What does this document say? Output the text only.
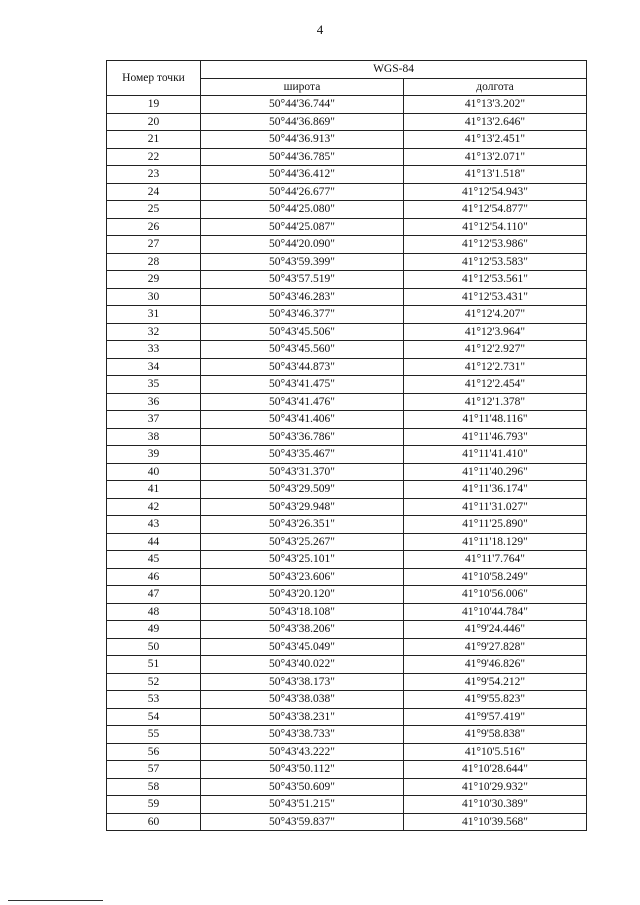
4
Номер точки	WGS-84	
	широта	долгота
19	50°44'36.744"	41°13'3.202"
20	50°44'36.869"	41°13'2.646"
21	50°44'36.913"	41°13'2.451"
22	50°44'36.785"	41°13'2.071"
23	50°44'36.412"	41°13'1.518"
24	50°44'26.677"	41°12'54.943"
25	50°44'25.080"	41°12'54.877"
26	50°44'25.087"	41°12'54.110"
27	50°44'20.090"	41°12'53.986"
28	50°43'59.399"	41°12'53.583"
29	50°43'57.519"	41°12'53.561"
30	50°43'46.283"	41°12'53.431"
31	50°43'46.377"	41°12'4.207"
32	50°43'45.506"	41°12'3.964"
33	50°43'45.560"	41°12'2.927"
34	50°43'44.873"	41°12'2.731"
35	50°43'41.475"	41°12'2.454"
36	50°43'41.476"	41°12'1.378"
37	50°43'41.406"	41°11'48.116"
38	50°43'36.786"	41°11'46.793"
39	50°43'35.467"	41°11'41.410"
40	50°43'31.370"	41°11'40.296"
41	50°43'29.509"	41°11'36.174"
42	50°43'29.948"	41°11'31.027"
43	50°43'26.351"	41°11'25.890"
44	50°43'25.267"	41°11'18.129"
45	50°43'25.101"	41°11'7.764"
46	50°43'23.606"	41°10'58.249"
47	50°43'20.120"	41°10'56.006"
48	50°43'18.108"	41°10'44.784"
49	50°43'38.206"	41°9'24.446"
50	50°43'45.049"	41°9'27.828"
51	50°43'40.022"	41°9'46.826"
52	50°43'38.173"	41°9'54.212"
53	50°43'38.038"	41°9'55.823"
54	50°43'38.231"	41°9'57.419"
55	50°43'38.733"	41°9'58.838"
56	50°43'43.222"	41°10'5.516"
57	50°43'50.112"	41°10'28.644"
58	50°43'50.609"	41°10'29.932"
59	50°43'51.215"	41°10'30.389"
60	50°43'59.837"	41°10'39.568"
